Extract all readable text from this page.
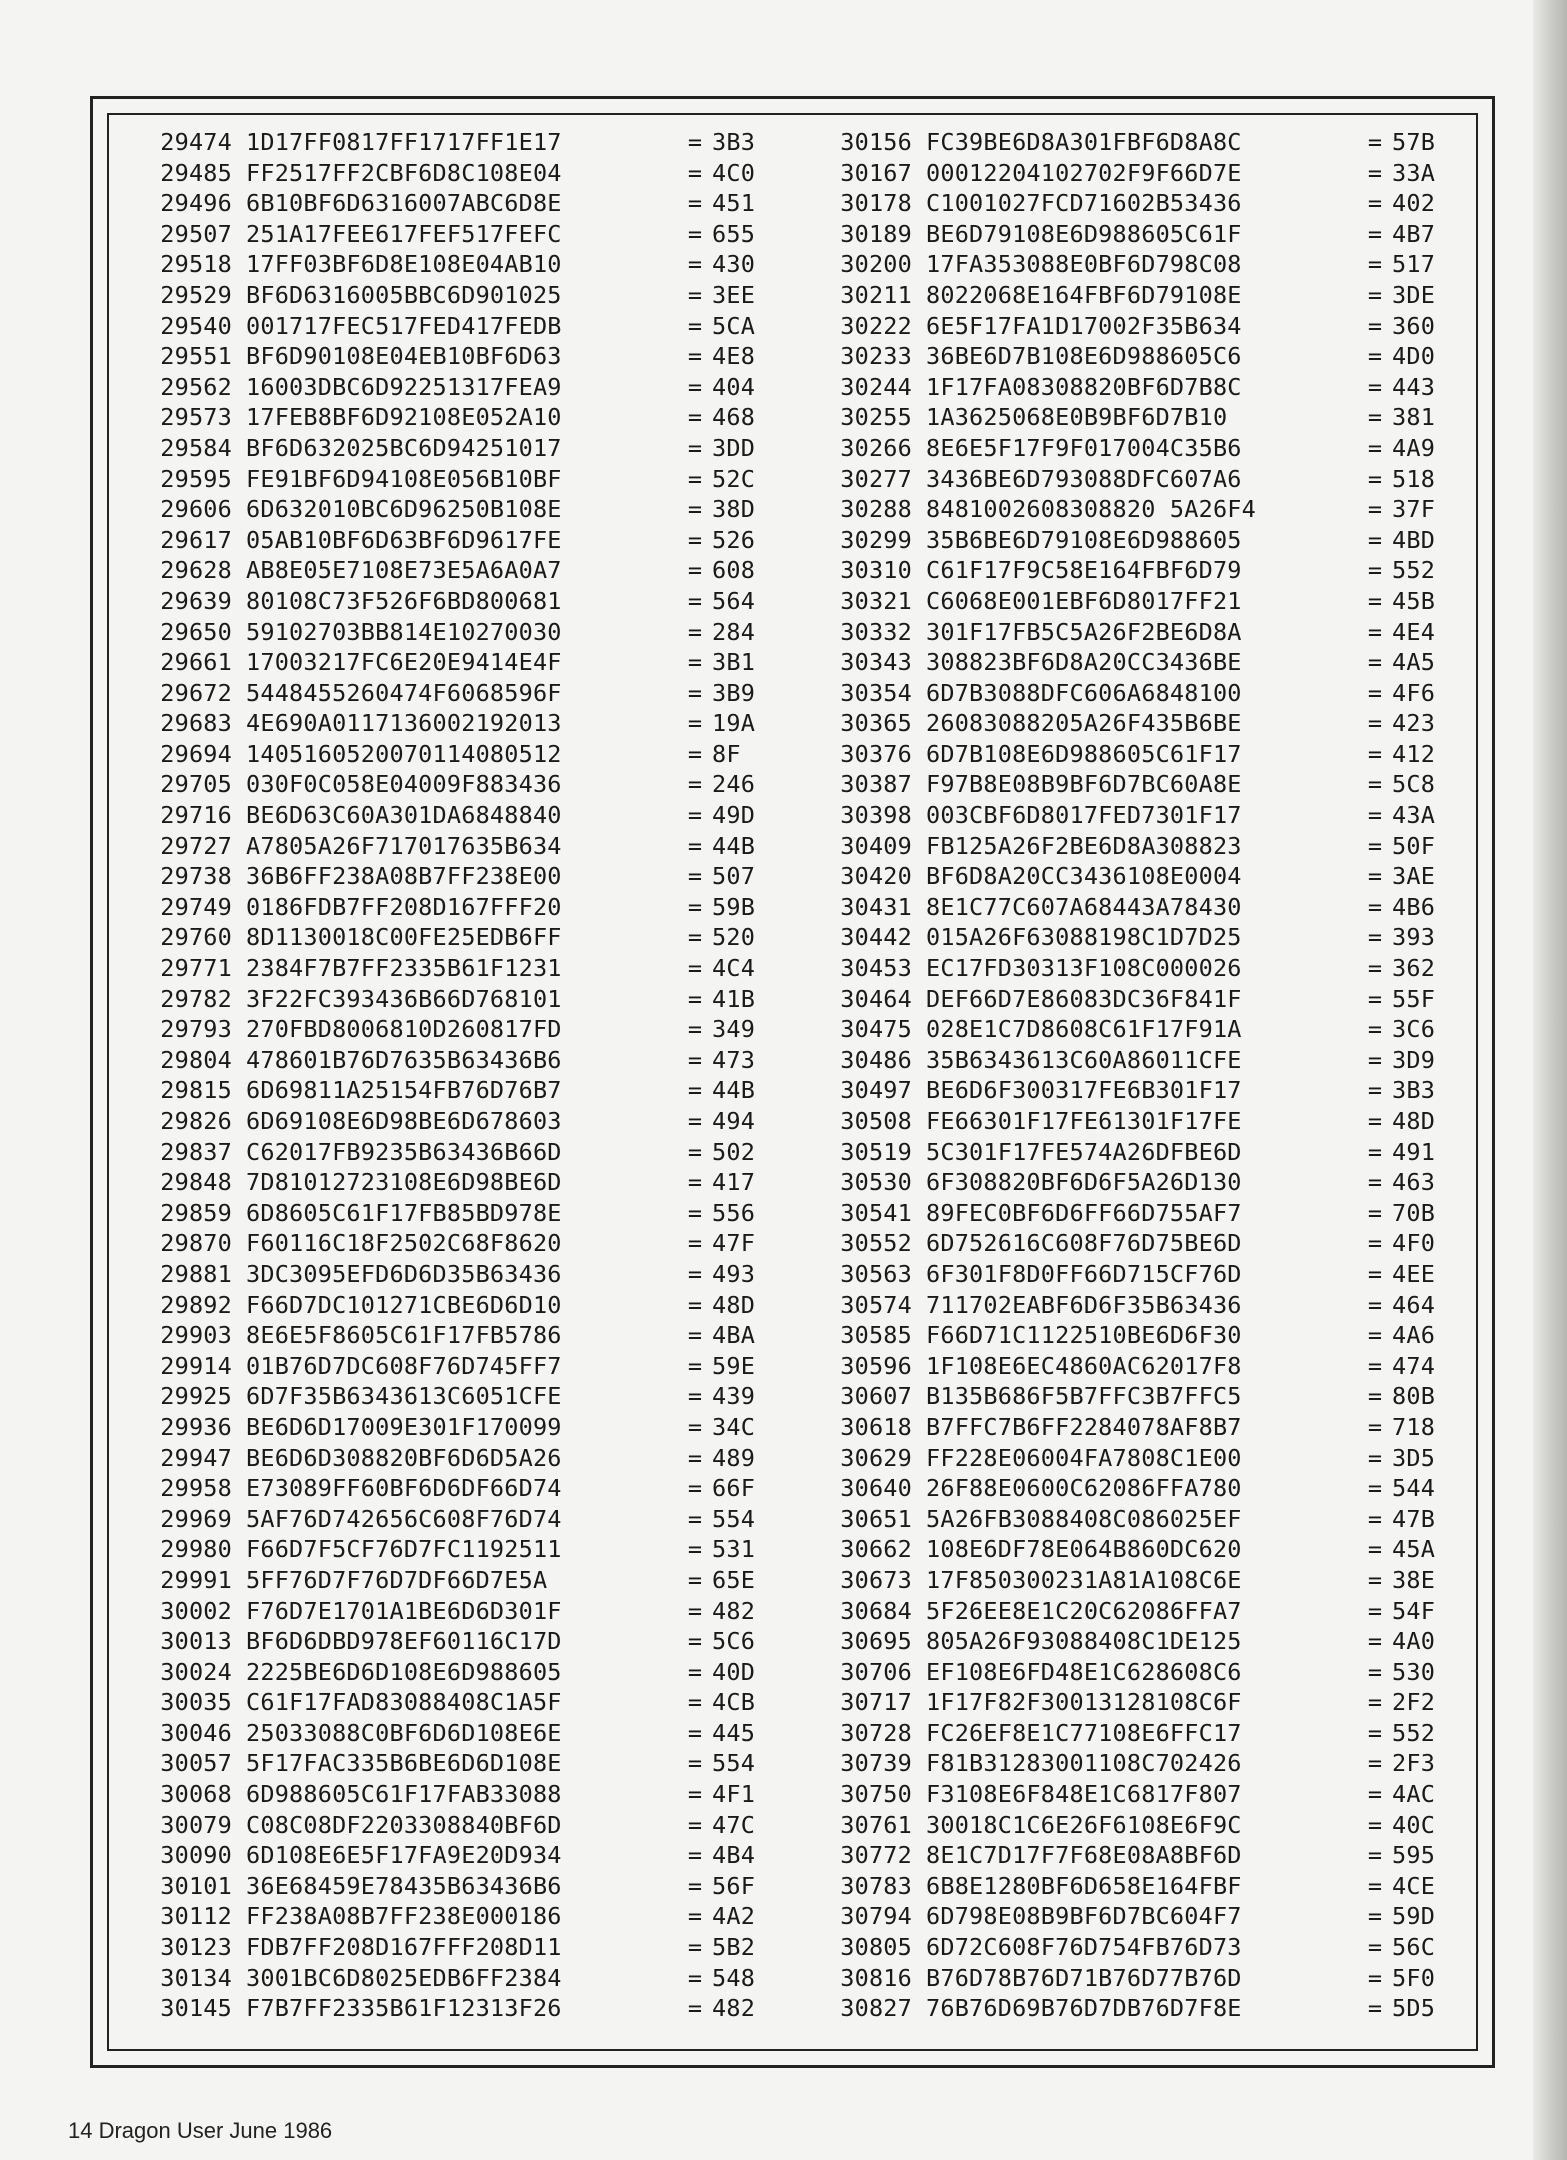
29474 1D17FF0817FF1717FF1E17	= 3B3
29485 FF2517FF2CBF6D8C108E04	= 4C0
29496 6B10BF6D6316007ABC6D8E	= 451
29507 251A17FEE617FEF517FEFC	= 655
29518 17FF03BF6D8E108E04AB10	= 430
29529 BF6D6316005BBC6D901025	= 3EE
29540 001717FEC517FED417FEDB	= 5CA
29551 BF6D90108E04EB10BF6D63	= 4E8
29562 16003DBC6D92251317FEA9	= 404
29573 17FEB8BF6D92108E052A10	= 468
29584 BF6D632025BC6D94251017	= 3DD
29595 FE91BF6D94108E056B10BF	= 52C
29606 6D632010BC6D96250B108E	= 38D
29617 05AB10BF6D63BF6D9617FE	= 526
29628 AB8E05E7108E73E5A6A0A7	= 608
29639 80108C73F526F6BD800681	= 564
29650 59102703BB814E10270030	= 284
29661 17003217FC6E20E9414E4F	= 3B1
29672 5448455260474F6068596F	= 3B9
29683 4E690A011713600219201З	= 19A
29694 1405160520070114080512	= 8F
29705 030F0C058E04009F883436	= 246
29716 BE6D63C60A301DA6848840	= 49D
29727 A7805A26F717017635B634	= 44B
29738 36B6FF238A08B7FF238E00	= 507
29749 0186FDB7FF208D167FFF20	= 59B
29760 8D1130018C00FE25EDB6FF	= 520
29771 2384F7B7FF2335B61F1231	= 4C4
29782 3F22FC393436B66D768101	= 41B
29793 270FBD8006810D260817FD	= 349
29804 478601B76D7635B63436B6	= 473
29815 6D69811A25154FB76D76B7	= 44B
29826 6D69108E6D98BE6D678603	= 494
29837 C62017FB9235B63436B66D	= 502
29848 7D81012723108E6D98BE6D	= 417
29859 6D8605C61F17FB85BD978E	= 556
29870 F60116C18F2502C68F8620	= 47F
29881 3DC3095EFD6D6D35B63436	= 493
29892 F66D7DC101271CBE6D6D10	= 48D
29903 8E6E5F8605C61F17FB5786	= 4BA
29914 01B76D7DC608F76D745FF7	= 59E
29925 6D7F35B6343613C6051CFE	= 439
29936 BE6D6D17009E301F170099	= 34C
29947 BE6D6D308820BF6D6D5A26	= 489
29958 E73089FF60BF6D6DF66D74	= 66F
29969 5AF76D742656C608F76D74	= 554
29980 F66D7F5CF76D7FC1192511	= 531
29991 5FF76D7F76D7DF66D7E5A	= 65E
30002 F76D7E1701A1BE6D6D301F	= 482
30013 BF6D6DBD978EF60116C17D	= 5C6
30024 2225BE6D6D108E6D988605	= 40D
30035 C61F17FAD83088408C1A5F	= 4CB
30046 25033088C0BF6D6D108E6E	= 445
30057 5F17FAC335B6BE6D6D108E	= 554
30068 6D988605C61F17FAB33088	= 4F1
30079 C08C08DF2203308840BF6D	= 47C
30090 6D108E6E5F17FA9E20D934	= 4B4
30101 36E68459E78435B63436B6	= 56F
30112 FF238A08B7FF238E000186	= 4A2
30123 FDB7FF208D167FFF208D11	= 5B2
30134 3001BC6D8025EDB6FF2384	= 548
30145 F7B7FF2335B61F12313F26	= 482
30156 FC39BE6D8A301FBF6D8A8C	= 57B
30167 00012204102702F9F66D7E	= 33A
30178 C1001027FCD71602B53436	= 402
30189 BE6D79108E6D988605C61F	= 4B7
30200 17FA353088E0BF6D798C08	= 517
30211 8022068E164FBF6D79108E	= 3DE
30222 6E5F17FA1D17002F35B634	= 360
30233 36BE6D7B108E6D988605C6	= 4D0
30244 1F17FA08308820BF6D7B8C	= 443
30255 1A3625068E0B9BF6D7B10	= 381
30266 8E6E5F17F9F017004C35B6	= 4A9
30277 3436BE6D793088DFC607A6	= 518
30288 8481002608308820 5A26F4	= 37F
30299 35B6BE6D79108E6D988605	= 4BD
30310 C61F17F9C58E164FBF6D79	= 552
30321 C6068E001EBF6D8017FF21	= 45B
30332 301F17FB5C5A26F2BE6D8A	= 4E4
30343 308823BF6D8A20CC3436BE	= 4A5
30354 6D7B3088DFC606A6848100	= 4F6
30365 26083088205A26F435B6BE	= 423
30376 6D7B108E6D988605C61F17	= 412
30387 F97B8E08B9BF6D7BC60A8E	= 5C8
30398 003CBF6D8017FED7301F17	= 43A
30409 FB125A26F2BE6D8A308823	= 50F
30420 BF6D8A20CC3436108E0004	= 3AE
30431 8E1C77C607A68443A78430	= 4B6
30442 015A26F63088198C1D7D25	= 393
30453 EC17FD30313F108C000026	= 362
30464 DEF66D7E86083DC36F841F	= 55F
30475 028E1C7D8608C61F17F91A	= 3C6
30486 35B6343613C60A86011CFE	= 3D9
30497 BE6D6F300317FE6B301F17	= 3B3
30508 FE66301F17FE61301F17FE	= 48D
30519 5C301F17FE574A26DFBE6D	= 491
30530 6F308820BF6D6F5A26D130	= 463
30541 89FEC0BF6D6FF66D755AF7	= 70B
30552 6D752616C608F76D75BE6D	= 4F0
30563 6F301F8D0FF66D715CF76D	= 4EE
30574 711702EABF6D6F35B63436	= 464
30585 F66D71C1122510BE6D6F30	= 4A6
30596 1F108E6EC4860AC62017F8	= 474
30607 B135B686F5B7FFC3B7FFC5	= 80B
30618 B7FFC7B6FF2284078AF8B7	= 718
30629 FF228E06004FA7808C1E00	= 3D5
30640 26F88E0600C62086FFA780	= 544
30651 5A26FB3088408C086025EF	= 47B
30662 108E6DF78E064B860DC620	= 45A
30673 17F850300231A81A108C6E	= 38E
30684 5F26EE8E1C20C62086FFA7	= 54F
30695 805A26F93088408C1DE125	= 4A0
30706 EF108E6FD48E1C628608C6	= 530
30717 1F17F82F30013128108C6F	= 2F2
30728 FC26EF8E1C77108E6FFC17	= 552
30739 F81B31283001108C702426	= 2F3
30750 F3108E6F848E1C6817F807	= 4AC
30761 30018C1C6E26F6108E6F9C	= 40C
30772 8E1C7D17F7F68E08A8BF6D	= 595
30783 6B8E1280BF6D658E164FBF	= 4CE
30794 6D798E08B9BF6D7BC604F7	= 59D
30805 6D72C608F76D754FB76D73	= 56C
30816 B76D78B76D71B76D77B76D	= 5F0
30827 76B76D69B76D7DB76D7F8E	= 5D5
14 Dragon User June 1986
